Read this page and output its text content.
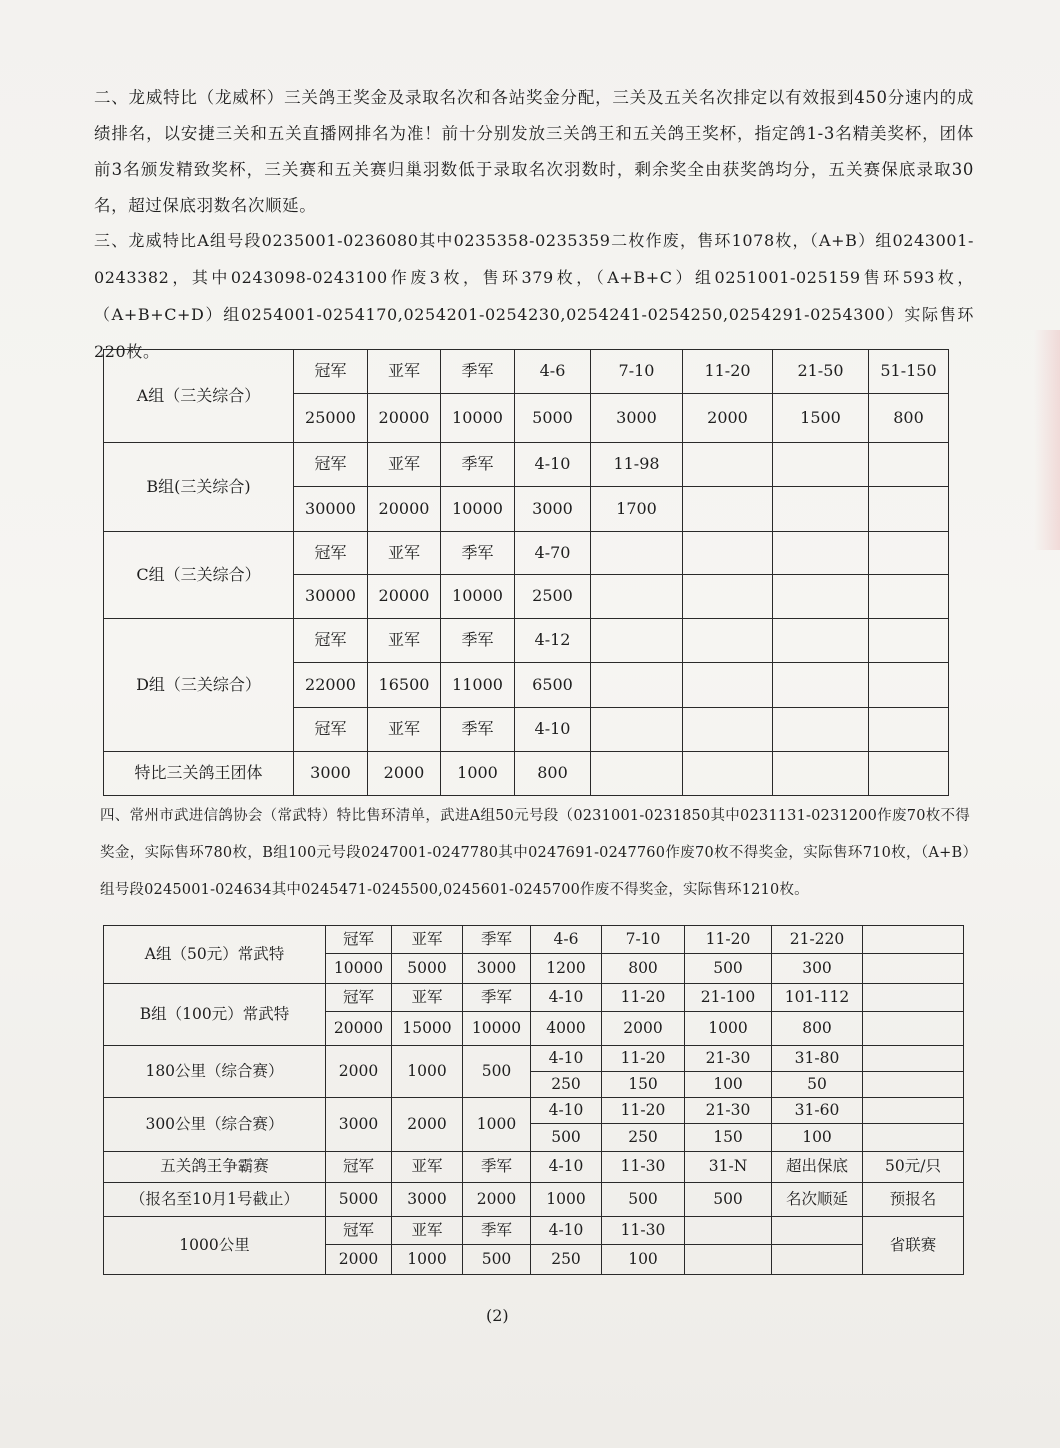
二、龙威特比（龙威杯）三关鸽王奖金及录取名次和各站奖金分配，三关及五关名次排定以有效报到450分速内的成绩排名，以安捷三关和五关直播网排名为准！前十分别发放三关鸽王和五关鸽王奖杯，指定鸽1-3名精美奖杯，团体前3名颁发精致奖杯，三关赛和五关赛归巢羽数低于录取名次羽数时，剩余奖全由获奖鸽均分，五关赛保底录取30名，超过保底羽数名次顺延。

三、龙威特比A组号段0235001-0236080其中0235358-0235359二枚作废，售环1078枚，（A+B）组0243001-0243382，其中0243098-0243100作废3枚，售环379枚，（A+B+C）组0251001-025159售环593枚，（A+B+C+D）组0254001-0254170,0254201-0254230,0254241-0254250,0254291-0254300）实际售环220枚。

A组（三关综合）	冠军	亚军	季军	4-6	7-10	11-20	21-50	51-150
	25000	20000	10000	5000	3000	2000	1500	800
B组(三关综合)	冠军	亚军	季军	4-10	11-98			
	30000	20000	10000	3000	1700			
C组（三关综合）	冠军	亚军	季军	4-70				
	30000	20000	10000	2500				
D组（三关综合）	冠军	亚军	季军	4-12				
	22000	16500	11000	6500				
	冠军	亚军	季军	4-10				
特比三关鸽王团体	3000	2000	1000	800				

四、常州市武进信鸽协会（常武特）特比售环清单，武进A组50元号段（0231001-0231850其中0231131-0231200作废70枚不得奖金，实际售环780枚，B组100元号段0247001-0247780其中0247691-0247760作废70枚不得奖金，实际售环710枚，（A+B）组号段0245001-024634其中0245471-0245500,0245601-0245700作废不得奖金，实际售环1210枚。

A组（50元）常武特	冠军	亚军	季军	4-6	7-10	11-20	21-220	
	10000	5000	3000	1200	800	500	300	
B组（100元）常武特	冠军	亚军	季军	4-10	11-20	21-100	101-112	
	20000	15000	10000	4000	2000	1000	800	
180公里（综合赛）	2000	1000	500	4-10	11-20	21-30	31-80	
				250	150	100	50	
300公里（综合赛）	3000	2000	1000	4-10	11-20	21-30	31-60	
				500	250	150	100	
五关鸽王争霸赛	冠军	亚军	季军	4-10	11-30	31-N	超出保底	50元/只
（报名至10月1号截止）	5000	3000	2000	1000	500	500	名次顺延	预报名
1000公里	冠军	亚军	季军	4-10	11-30			省联赛
	2000	1000	500	250	100			
(2)
